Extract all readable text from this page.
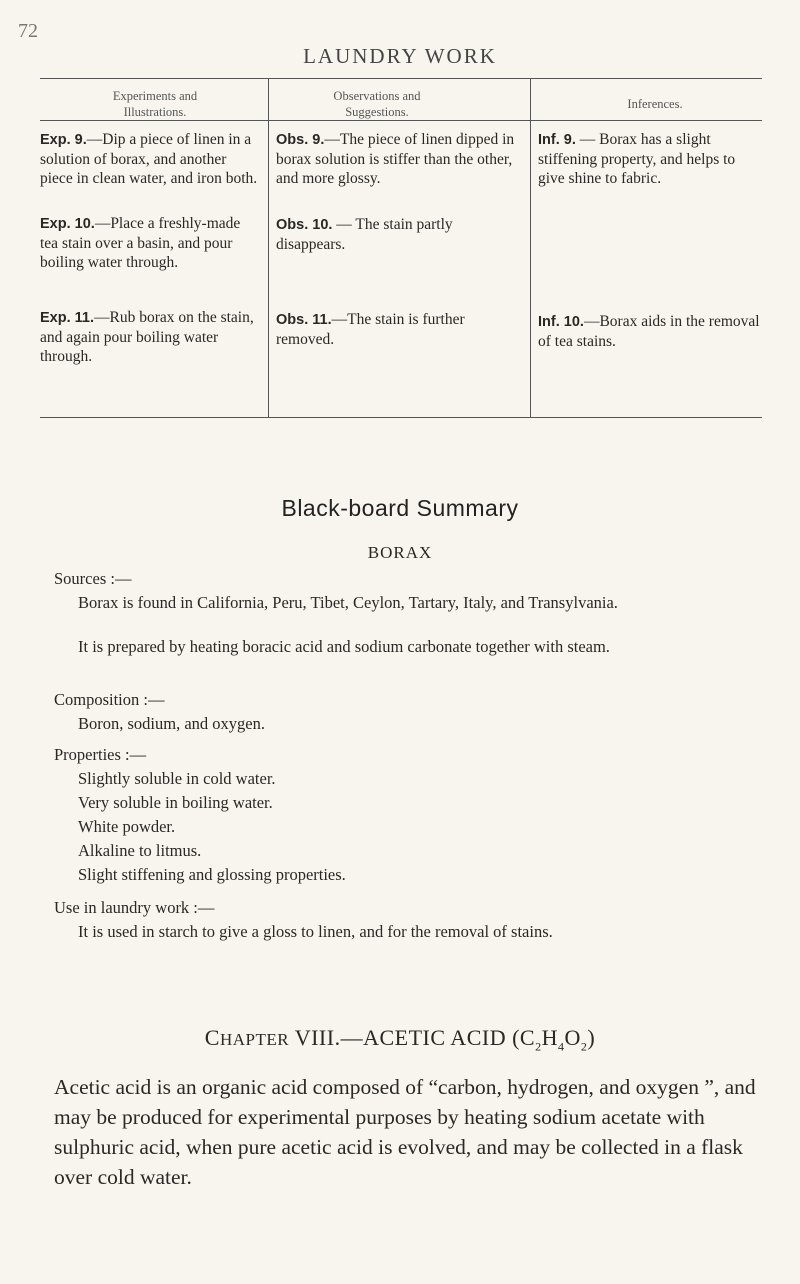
72
LAUNDRY WORK
Experiments and Illustrations.
Observations and Suggestions.
Inferences.
Exp. 9.—Dip a piece of linen in a solution of borax, and another piece in clean water, and iron both.
Obs. 9.—The piece of linen dipped in borax solution is stiffer than the other, and more glossy.
Inf. 9. — Borax has a slight stiffening property, and helps to give shine to fabric.
Exp. 10.—Place a freshly-made tea stain over a basin, and pour boiling water through.
Obs. 10. — The stain partly disappears.
Exp. 11.—Rub borax on the stain, and again pour boiling water through.
Obs. 11.—The stain is further removed.
Inf. 10.—Borax aids in the removal of tea stains.
Black-board Summary
BORAX
Sources :—
Borax is found in California, Peru, Tibet, Ceylon, Tartary, Italy, and Transylvania.
It is prepared by heating boracic acid and sodium carbonate together with steam.
Composition :—
Boron, sodium, and oxygen.
Properties :—
Slightly soluble in cold water.
Very soluble in boiling water.
White powder.
Alkaline to litmus.
Slight stiffening and glossing properties.
Use in laundry work :—
It is used in starch to give a gloss to linen, and for the removal of stains.
CHAPTER VIII.—ACETIC ACID $(C_2H_4O_2)$
Acetic acid is an organic acid composed of “carbon, hydrogen, and oxygen ”, and may be produced for experimental purposes by heating sodium acetate with sulphuric acid, when pure acetic acid is evolved, and may be collected in a flask over cold water.
